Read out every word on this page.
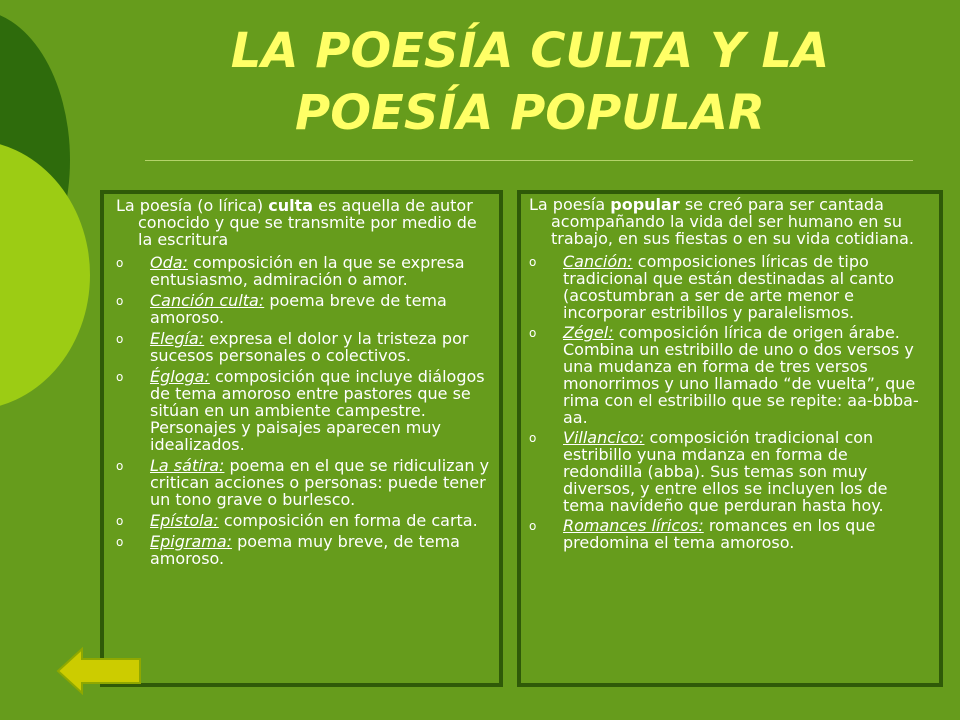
LA POESÍA CULTA Y LA
POESÍA POPULAR

La poesía (o lírica) culta es aquella de autor conocido y que se transmite por medio de la escritura

o Oda: composición en la que se expresa entusiasmo, admiración o amor.
o Canción culta: poema breve de tema amoroso.
o Elegía: expresa el dolor y la tristeza por sucesos personales o colectivos.
o Égloga: composición que incluye diálogos de tema amoroso entre pastores que se sitúan en un ambiente campestre. Personajes y paisajes aparecen muy idealizados.
o La sátira: poema en el que se ridiculizan y critican acciones o personas: puede tener un tono grave o burlesco.
o Epístola: composición en forma de carta.
o Epigrama: poema muy breve, de tema amoroso.

La poesía popular se creó para ser cantada acompañando la vida del ser humano en su trabajo, en sus fiestas o en su vida cotidiana.

o Canción: composiciones líricas de tipo tradicional que están destinadas al canto (acostumbran a ser de arte menor e incorporar estribillos y paralelismos.
o Zégel: composición lírica de origen árabe. Combina un estribillo de uno o dos versos y una mudanza en forma de tres versos monorrimos y uno llamado “de vuelta”, que rima con el estribillo que se repite: aa-bbba-aa.
o Villancico: composición tradicional con estribillo yuna mdanza en forma de redondilla (abba). Sus temas son muy diversos, y entre ellos se incluyen los de tema navideño que perduran hasta hoy.
o Romances líricos: romances en los que predomina el tema amoroso.
